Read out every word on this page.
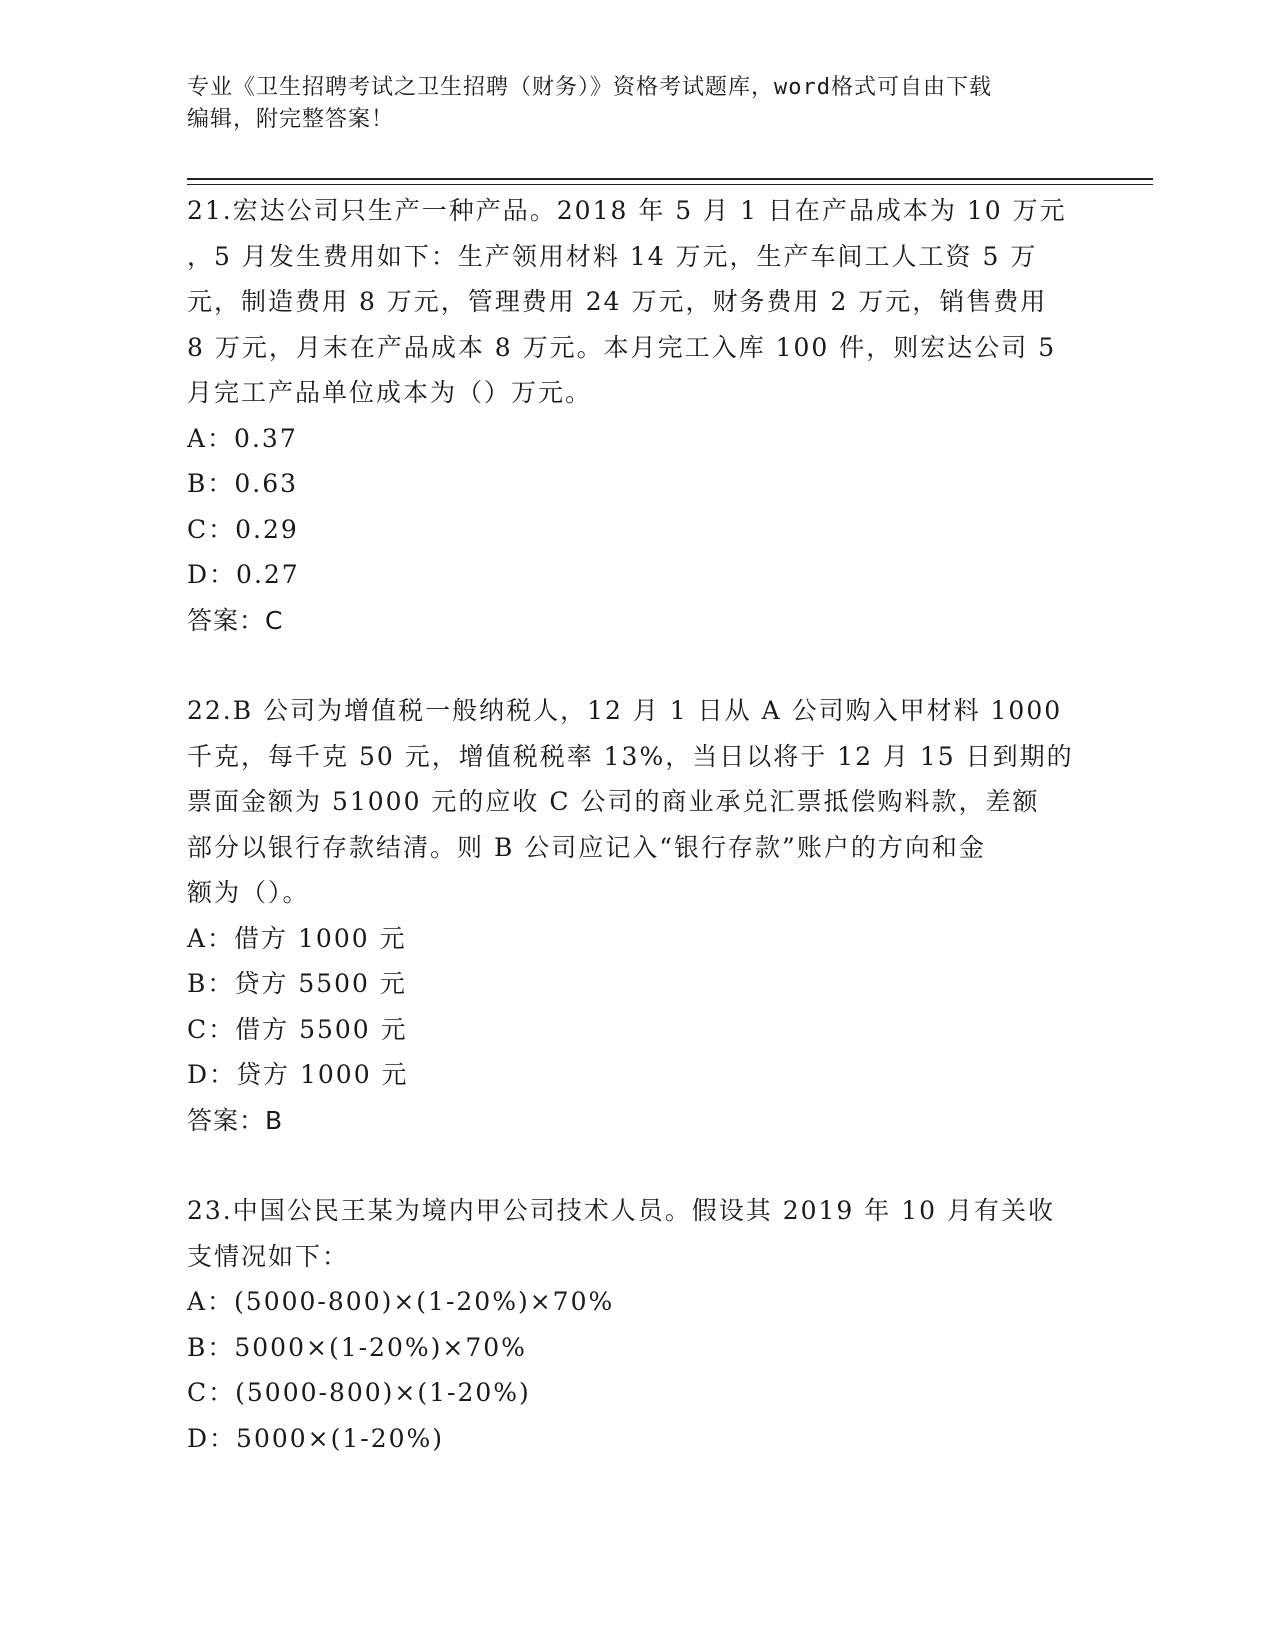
专业《卫生招聘考试之卫生招聘（财务）》资格考试题库，word格式可自由下载
编辑，附完整答案！
21.宏达公司只生产一种产品。2018 年 5 月 1 日在产品成本为 10 万元
，5 月发生费用如下：生产领用材料 14 万元，生产车间工人工资 5 万
元，制造费用 8 万元，管理费用 24 万元，财务费用 2 万元，销售费用
8 万元，月末在产品成本 8 万元。本月完工入库 100 件，则宏达公司 5
月完工产品单位成本为（）万元。
A：0.37
B：0.63
C：0.29
D：0.27
答案：C
22.B 公司为增值税一般纳税人，12 月 1 日从 A 公司购入甲材料 1000
千克，每千克 50 元，增值税税率 13%，当日以将于 12 月 15 日到期的
票面金额为 51000 元的应收 C 公司的商业承兑汇票抵偿购料款，差额
部分以银行存款结清。则 B 公司应记入“银行存款”账户的方向和金
额为（）。
A：借方 1000 元
B：贷方 5500 元
C：借方 5500 元
D：贷方 1000 元
答案：B
23.中国公民王某为境内甲公司技术人员。假设其 2019 年 10 月有关收
支情况如下：
A：(5000-800)×(1-20%)×70%
B：5000×(1-20%)×70%
C：(5000-800)×(1-20%)
D：5000×(1-20%)
